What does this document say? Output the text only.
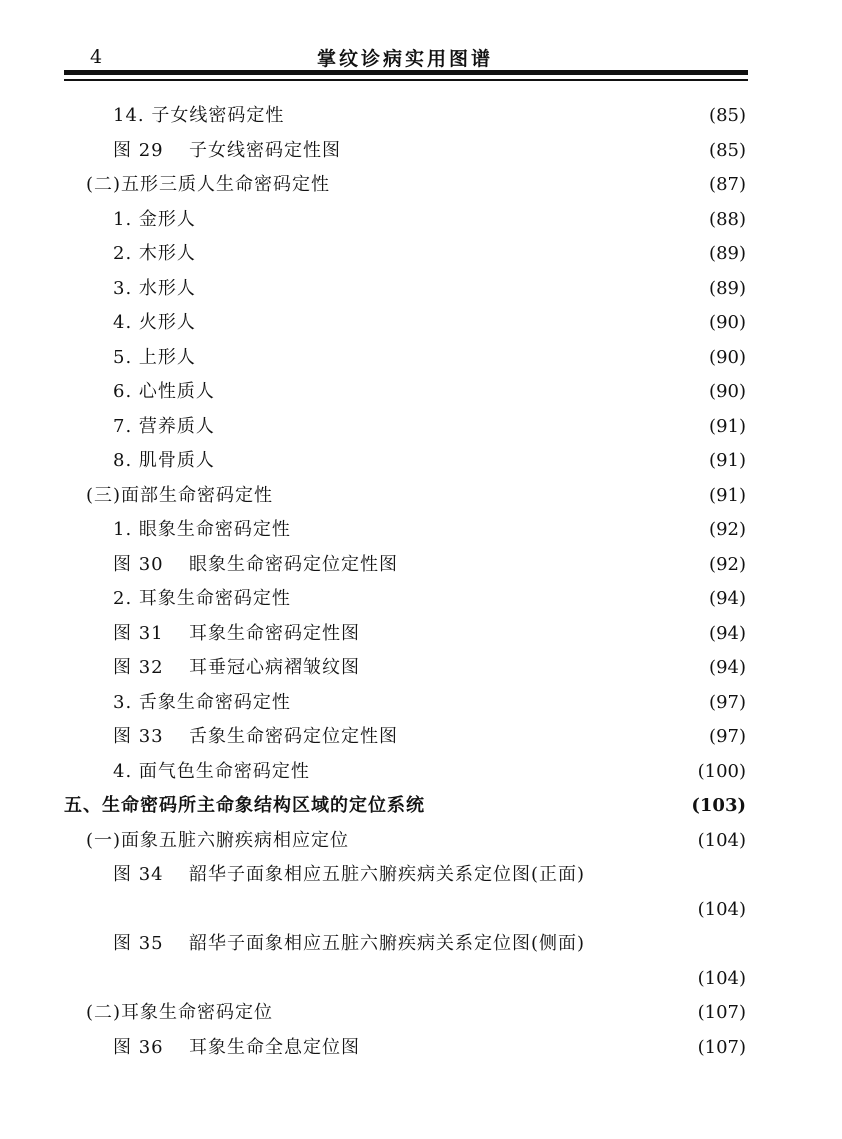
4	掌纹诊病实用图谱
14. 子女线密码定性	(85)
图 29 子女线密码定性图	(85)
(二)五形三质人生命密码定性	(87)
1. 金形人	(88)
2. 木形人	(89)
3. 水形人	(89)
4. 火形人	(90)
5. 上形人	(90)
6. 心性质人	(90)
7. 营养质人	(91)
8. 肌骨质人	(91)
(三)面部生命密码定性	(91)
1. 眼象生命密码定性	(92)
图 30 眼象生命密码定位定性图	(92)
2. 耳象生命密码定性	(94)
图 31 耳象生命密码定性图	(94)
图 32 耳垂冠心病褶皱纹图	(94)
3. 舌象生命密码定性	(97)
图 33 舌象生命密码定位定性图	(97)
4. 面气色生命密码定性	(100)
五、生命密码所主命象结构区域的定位系统	(103)
(一)面象五脏六腑疾病相应定位	(104)
图 34 韶华子面象相应五脏六腑疾病关系定位图(正面)
(104)
图 35 韶华子面象相应五脏六腑疾病关系定位图(侧面)
(104)
(二)耳象生命密码定位	(107)
图 36 耳象生命全息定位图	(107)
